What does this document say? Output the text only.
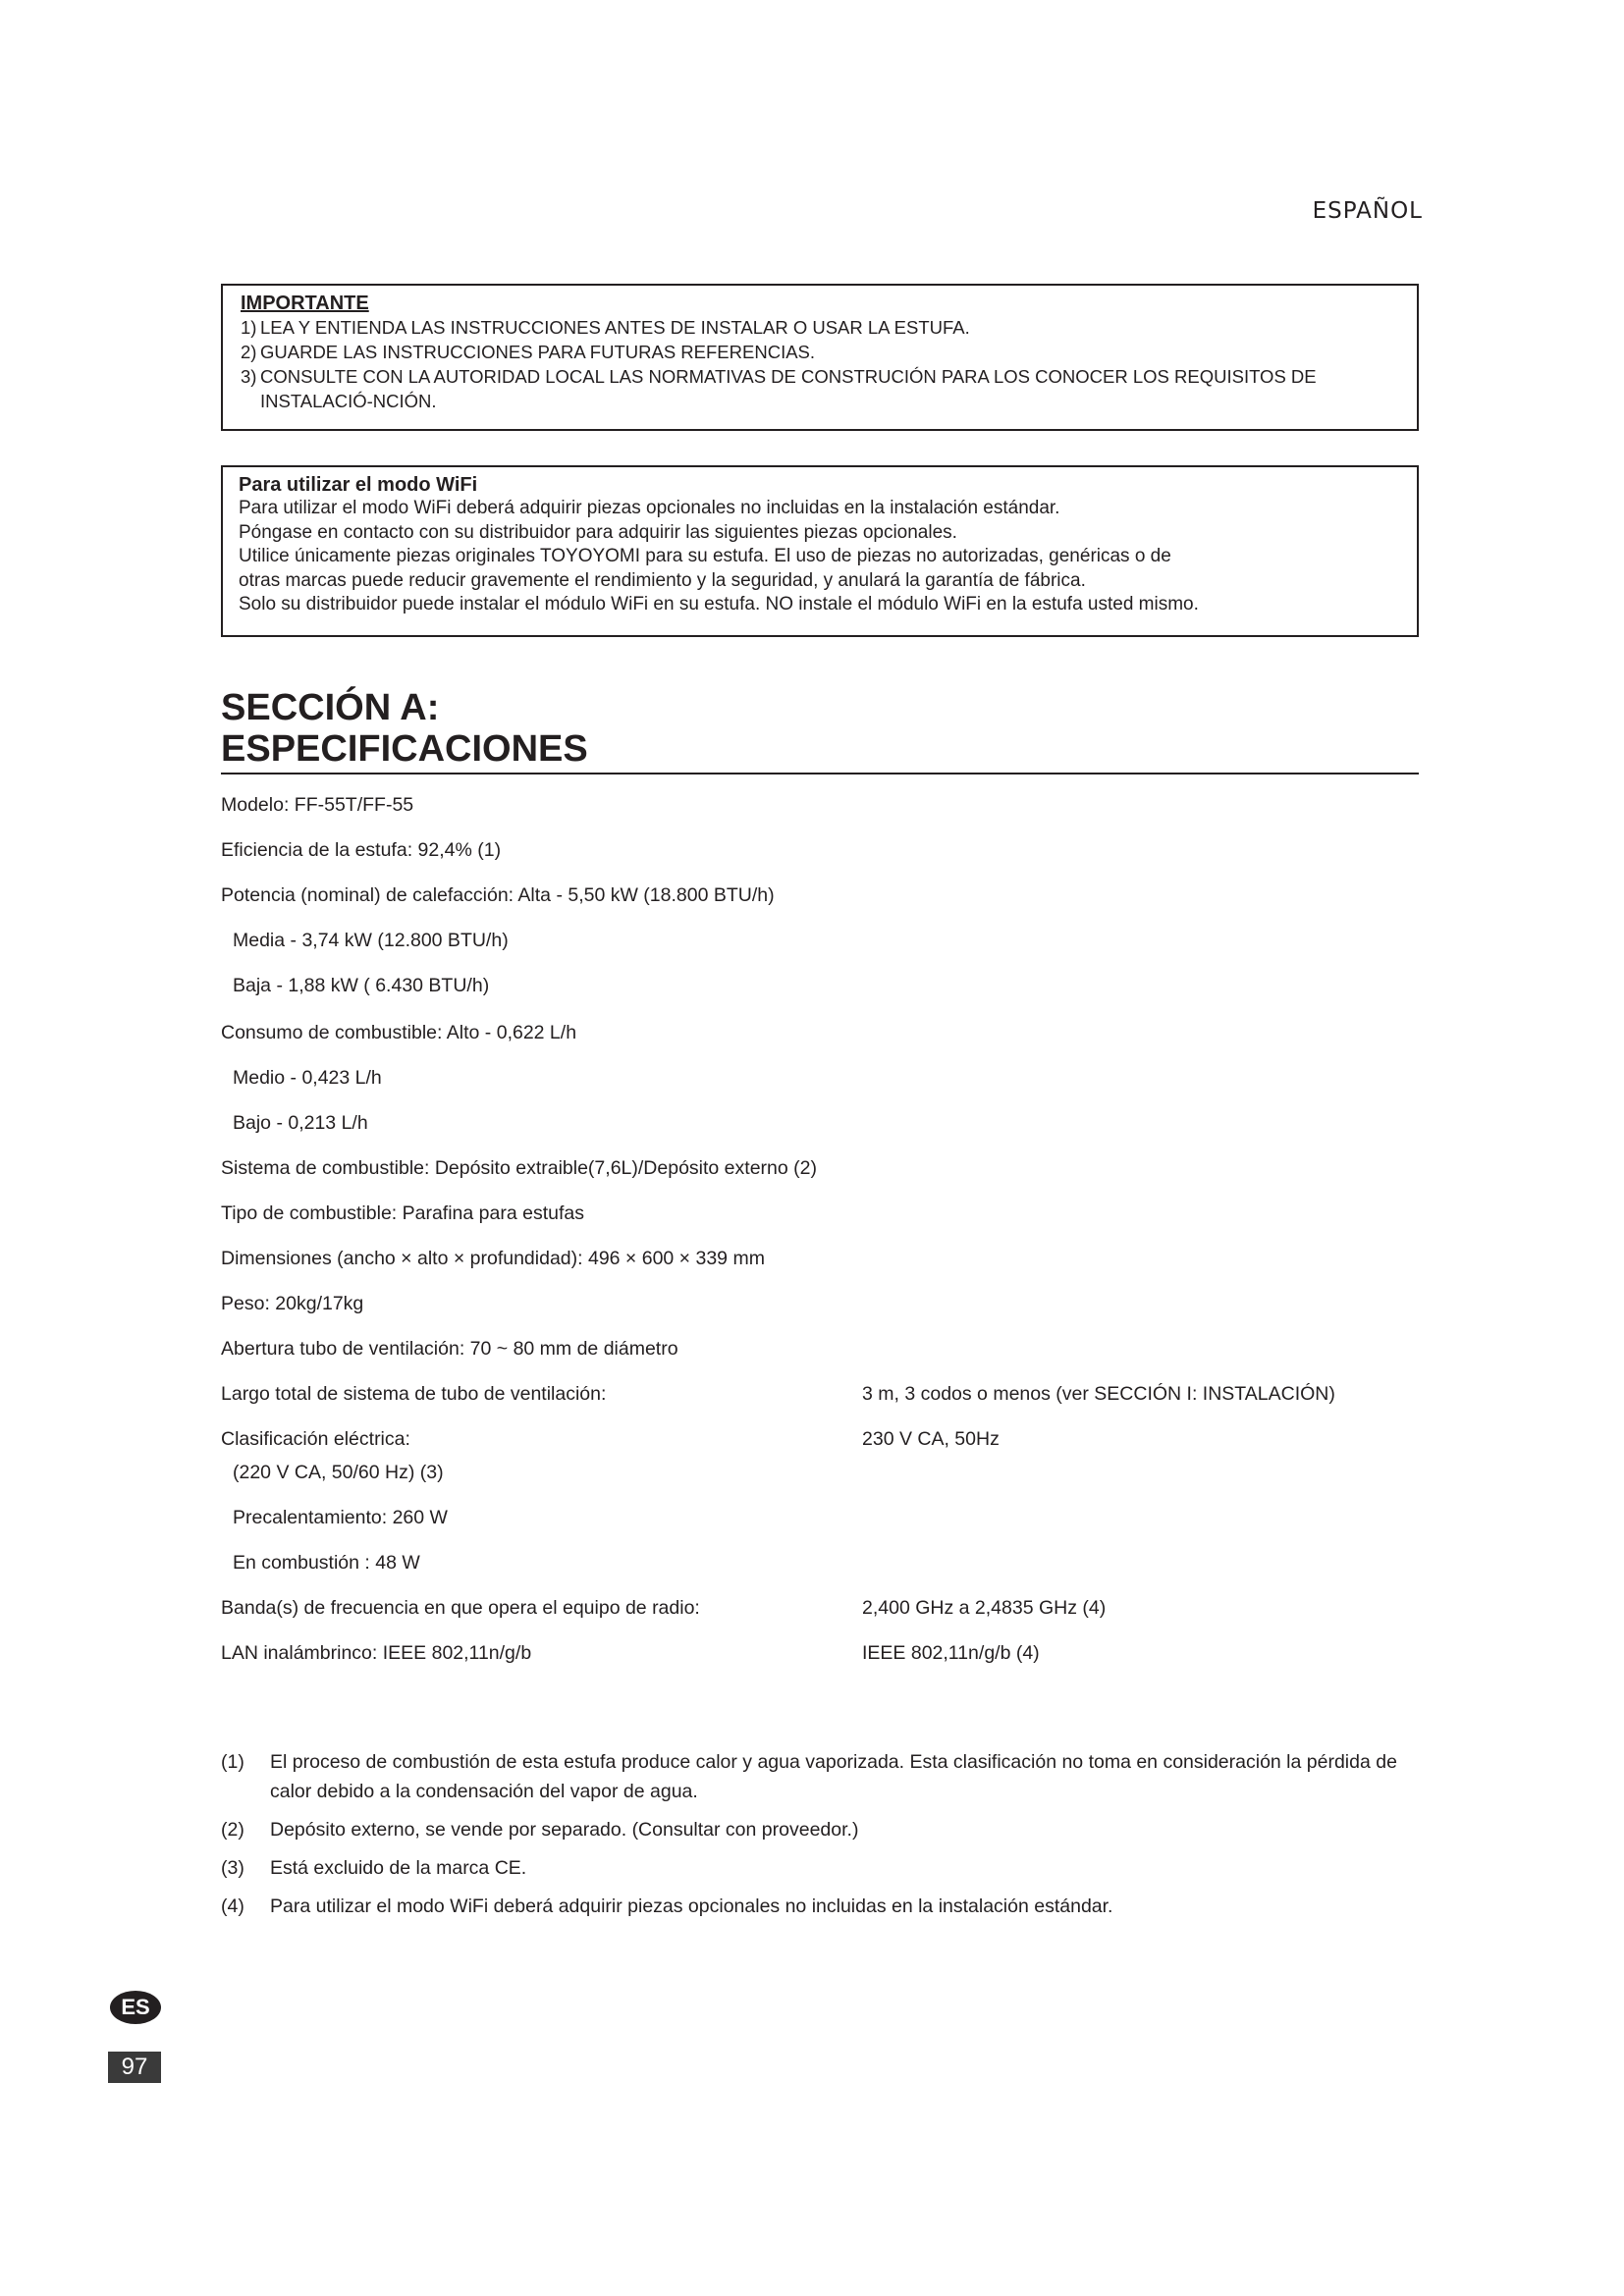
ESPAÑOL
IMPORTANTE
1) LEA Y ENTIENDA LAS INSTRUCCIONES ANTES DE INSTALAR O USAR LA ESTUFA.
2) GUARDE LAS INSTRUCCIONES PARA FUTURAS REFERENCIAS.
3) CONSULTE CON LA AUTORIDAD LOCAL LAS NORMATIVAS DE CONSTRUCIÓN PARA LOS CONOCER LOS REQUISITOS DE INSTALACIÓ-NCIÓN.
Para utilizar el modo WiFi
Para utilizar el modo WiFi deberá adquirir piezas opcionales no incluidas en la instalación estándar.
Póngase en contacto con su distribuidor para adquirir las siguientes piezas opcionales.
Utilice únicamente piezas originales TOYOYOMI para su estufa. El uso de piezas no autorizadas, genéricas o de
otras marcas puede reducir gravemente el rendimiento y la seguridad, y anulará la garantía de fábrica.
Solo su distribuidor puede instalar el módulo WiFi en su estufa. NO instale el módulo WiFi en la estufa usted mismo.
SECCIÓN A:
ESPECIFICACIONES
Modelo: FF-55T/FF-55
Eficiencia de la estufa: 92,4% (1)
Potencia (nominal) de calefacción: Alta - 5,50 kW (18.800 BTU/h)
Media - 3,74 kW (12.800 BTU/h)
Baja - 1,88 kW ( 6.430 BTU/h)
Consumo de combustible: Alto - 0,622 L/h
Medio - 0,423 L/h
Bajo - 0,213 L/h
Sistema de combustible: Depósito extraible(7,6L)/Depósito externo (2)
Tipo de combustible: Parafina para estufas
Dimensiones (ancho × alto × profundidad): 496 × 600 × 339 mm
Peso: 20kg/17kg
Abertura tubo de ventilación: 70 ~ 80 mm de diámetro
Largo total de sistema de tubo de ventilación:	3 m, 3 codos o menos (ver SECCIÓN I: INSTALACIÓN)
Clasificación eléctrica:	230 V CA, 50Hz
(220 V CA, 50/60 Hz) (3)
Precalentamiento: 260 W
En combustión : 48 W
Banda(s) de frecuencia en que opera el equipo de radio:	2,400 GHz a 2,4835 GHz (4)
LAN inalámbrinco: IEEE 802,11n/g/b	IEEE 802,11n/g/b (4)
(1)	El proceso de combustión de esta estufa produce calor y agua vaporizada. Esta clasificación no toma en consideración la pérdida de calor debido a la condensación del vapor de agua.
(2)	Depósito externo, se vende por separado. (Consultar con proveedor.)
(3)	Está excluido de la marca CE.
(4)	Para utilizar el modo WiFi deberá adquirir piezas opcionales no incluidas en la instalación estándar.
ES
97
